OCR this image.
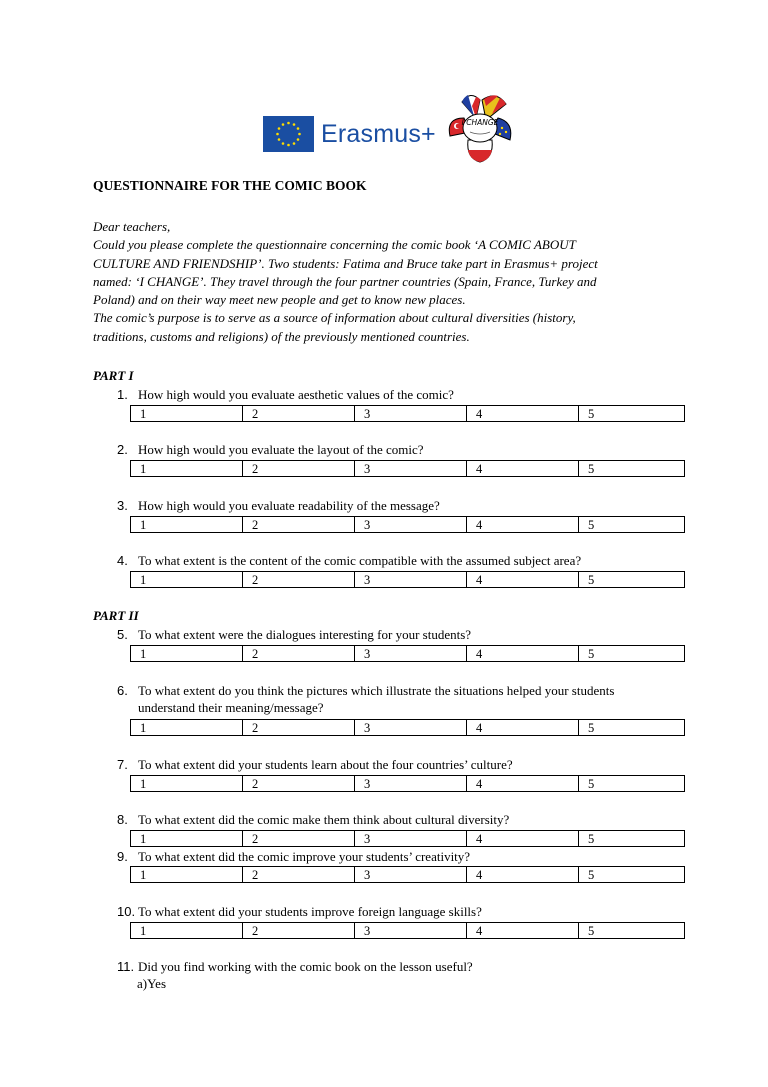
Erasmus+	I CHANGE
QUESTIONNAIRE FOR THE COMIC BOOK

Dear teachers,

Could you please complete the questionnaire concerning the comic book ‘A COMIC ABOUT

CULTURE AND FRIENDSHIP’. Two students: Fatima and Bruce take part in Erasmus+ project

named: ‘I CHANGE’. They travel through the four partner countries (Spain, France, Turkey and

Poland) and on their way meet new people and get to know new places.

The comic’s purpose is to serve as a source of information about cultural diversities (history,

traditions, customs and religions) of the previously mentioned countries.

PART I
1. How high would you evaluate aesthetic values of the comic?
1	2	3	4	5
2. How high would you evaluate the layout of the comic?
1	2	3	4	5
3. How high would you evaluate readability of the message?
1	2	3	4	5
4. To what extent is the content of the comic compatible with the assumed subject area?
1	2	3	4	5
PART II
5. To what extent were the dialogues interesting for your students?
1	2	3	4	5
6. To what extent do you think the pictures which illustrate the situations helped your students
understand their meaning/message?
1	2	3	4	5
7. To what extent did your students learn about the four countries’ culture?
1	2	3	4	5
8. To what extent did the comic make them think about cultural diversity?
1	2	3	4	5
9. To what extent did the comic improve your students’ creativity?
1	2	3	4	5
10. To what extent did your students improve foreign language skills?
1	2	3	4	5
11. Did you find working with the comic book on the lesson useful?
a)Yes
